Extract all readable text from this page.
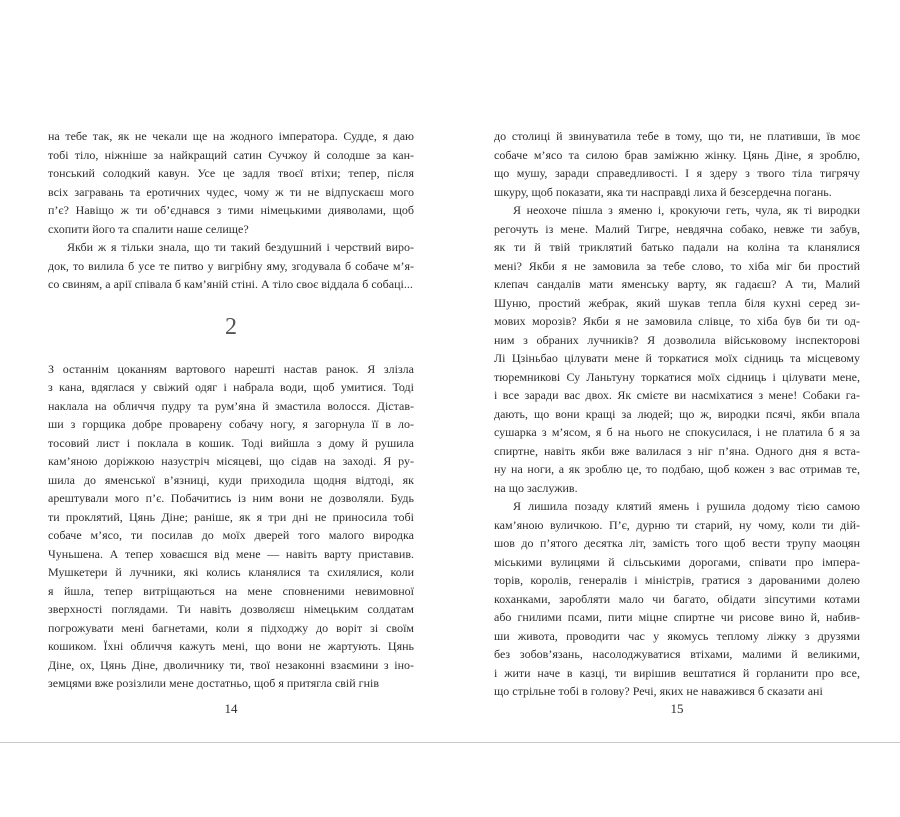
на тебе так, як не чекали ще на жодного імператора. Судде, я даю
тобі тіло, ніжніше за найкращий сатин Сучжоу й солодше за кан-
тонський солодкий кавун. Усе це задля твоєї втіхи; тепер, після
всіх загравань та еротичних чудес, чому ж ти не відпускаєш мого
п’є? Навіщо ж ти об’єднався з тими німецькими дияволами, щоб
схопити його та спалити наше селище?
Якби ж я тільки знала, що ти такий бездушний і черствий виро-
док, то вилила б усе те питво у вигрібну яму, згодувала б собаче м’я-
со свиням, а арії співала б кам’яній стіні. А тіло своє віддала б собаці...
2
З останнім цоканням вартового нарешті настав ранок. Я злізла
з кана, вдяглася у свіжий одяг і набрала води, щоб умитися. Тоді
наклала на обличчя пудру та рум’яна й змастила волосся. Дістав-
ши з горщика добре проварену собачу ногу, я загорнула її в ло-
тосовий лист і поклала в кошик. Тоді вийшла з дому й рушила
кам’яною доріжкою назустріч місяцеві, що сідав на заході. Я ру-
шила до яменської в’язниці, куди приходила щодня відтоді, як
арештували мого п’є. Побачитись із ним вони не дозволяли. Будь
ти проклятий, Цянь Діне; раніше, як я три дні не приносила тобі
собаче м’ясо, ти посилав до моїх дверей того малого виродка
Чуньшена. А тепер ховаєшся від мене — навіть варту приставив.
Мушкетери й лучники, які колись кланялися та схилялися, коли
я йшла, тепер витріщаються на мене сповненими невимовної
зверхності поглядами. Ти навіть дозволяєш німецьким солдатам
погрожувати мені багнетами, коли я підходжу до воріт зі своїм
кошиком. Їхні обличчя кажуть мені, що вони не жартують. Цянь
Діне, ох, Цянь Діне, дволичнику ти, твої незаконні взаємини з іно-
земцями вже розізлили мене достатньо, щоб я притягла свій гнів
до столиці й звинуватила тебе в тому, що ти, не плативши, їв моє
собаче м’ясо та силою брав заміжню жінку. Цянь Діне, я зроблю,
що мушу, заради справедливості. І я здеру з твого тіла тигрячу
шкуру, щоб показати, яка ти насправді лиха й безсердечна погань.
Я неохоче пішла з яменю і, крокуючи геть, чула, як ті виродки
регочуть із мене. Малий Тигре, невдячна собако, невже ти забув,
як ти й твій триклятий батько падали на коліна та кланялися
мені? Якби я не замовила за тебе слово, то хіба міг би простий
клепач сандалів мати яменську варту, як гадаєш? А ти, Малий
Шуню, простий жебрак, який шукав тепла біля кухні серед зи-
мових морозів? Якби я не замовила слівце, то хіба був би ти од-
ним з обраних лучників? Я дозволила військовому інспекторові
Лі Цзіньбао цілувати мене й торкатися моїх сідниць та місцевому
тюремникові Су Ланьтуну торкатися моїх сідниць і цілувати мене,
і все заради вас двох. Як смієте ви насміхатися з мене! Собаки га-
дають, що вони кращі за людей; що ж, виродки псячі, якби впала
сушарка з м’ясом, я б на нього не спокусилася, і не платила б я за
спиртне, навіть якби вже валилася з ніг п’яна. Одного дня я вста-
ну на ноги, а як зроблю це, то подбаю, щоб кожен з вас отримав те,
на що заслужив.
Я лишила позаду клятий ямень і рушила додому тією самою
кам’яною вуличкою. П’є, дурню ти старий, ну чому, коли ти дій-
шов до п’ятого десятка літ, замість того щоб вести трупу маоцян
міськими вулицями й сільськими дорогами, співати про імпера-
торів, королів, генералів і міністрів, гратися з дарованими долею
коханками, заробляти мало чи багато, обідати зіпсутими котами
або гнилими псами, пити міцне спиртне чи рисове вино й, набив-
ши живота, проводити час у якомусь теплому ліжку з друзями
без зобов’язань, насолоджуватися втіхами, малими й великими,
і жити наче в казці, ти вирішив вештатися й горланити про все,
що стрільне тобі в голову? Речі, яких не наважився б сказати ані
14	15
